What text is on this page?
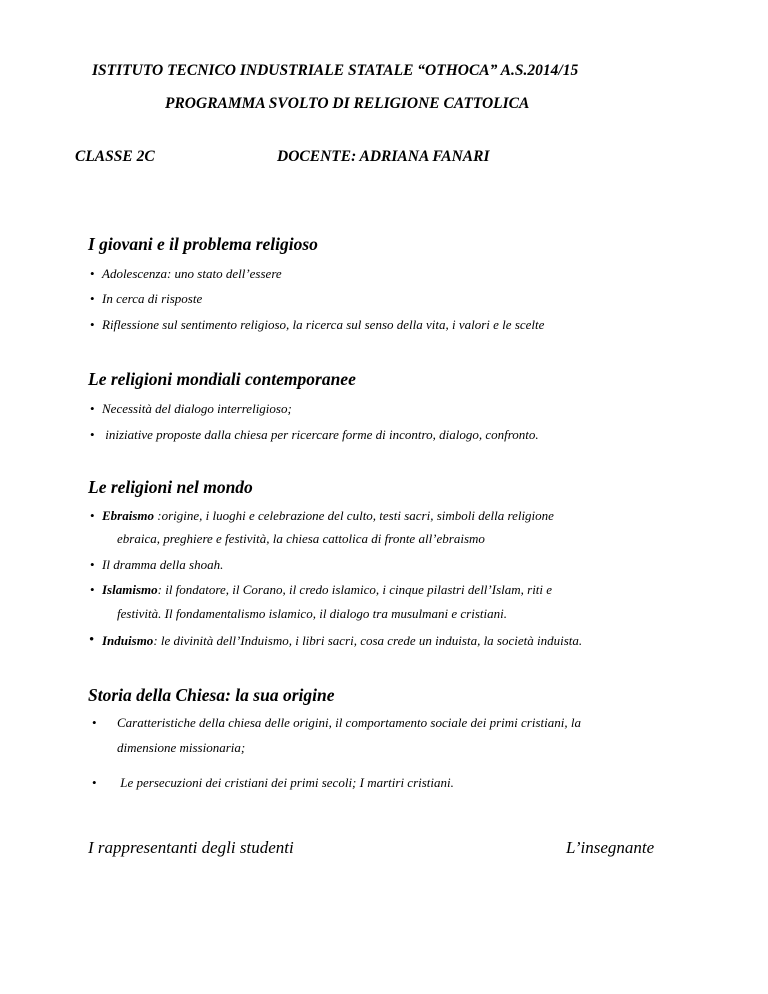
ISTITUTO TECNICO INDUSTRIALE STATALE “OTHOCA” A.S.2014/15
PROGRAMMA SVOLTO DI RELIGIONE CATTOLICA
CLASSE 2C	DOCENTE: ADRIANA FANARI
I giovani e il problema religioso
• Adolescenza: uno stato dell’essere
• In cerca di risposte
• Riflessione sul sentimento religioso, la ricerca sul senso della vita, i valori e le scelte
Le religioni mondiali contemporanee
• Necessità del dialogo interreligioso;
• iniziative proposte dalla chiesa per ricercare forme di incontro, dialogo, confronto.
Le religioni nel mondo
• Ebraismo :origine, i luoghi e celebrazione del culto, testi sacri, simboli della religione
ebraica, preghiere e festività, la chiesa cattolica di fronte all’ebraismo
• Il dramma della shoah.
• Islamismo: il fondatore, il Corano, il credo islamico, i cinque pilastri dell’Islam, riti e
festività. Il fondamentalismo islamico, il dialogo tra musulmani e cristiani.
• Induismo: le divinità dell’Induismo, i libri sacri, cosa crede un induista, la società induista.
Storia della Chiesa: la sua origine
• Caratteristiche della chiesa delle origini, il comportamento sociale dei primi cristiani, la
dimensione missionaria;
• Le persecuzioni dei cristiani dei primi secoli; I martiri cristiani.
I rappresentanti degli studenti	L’insegnante
